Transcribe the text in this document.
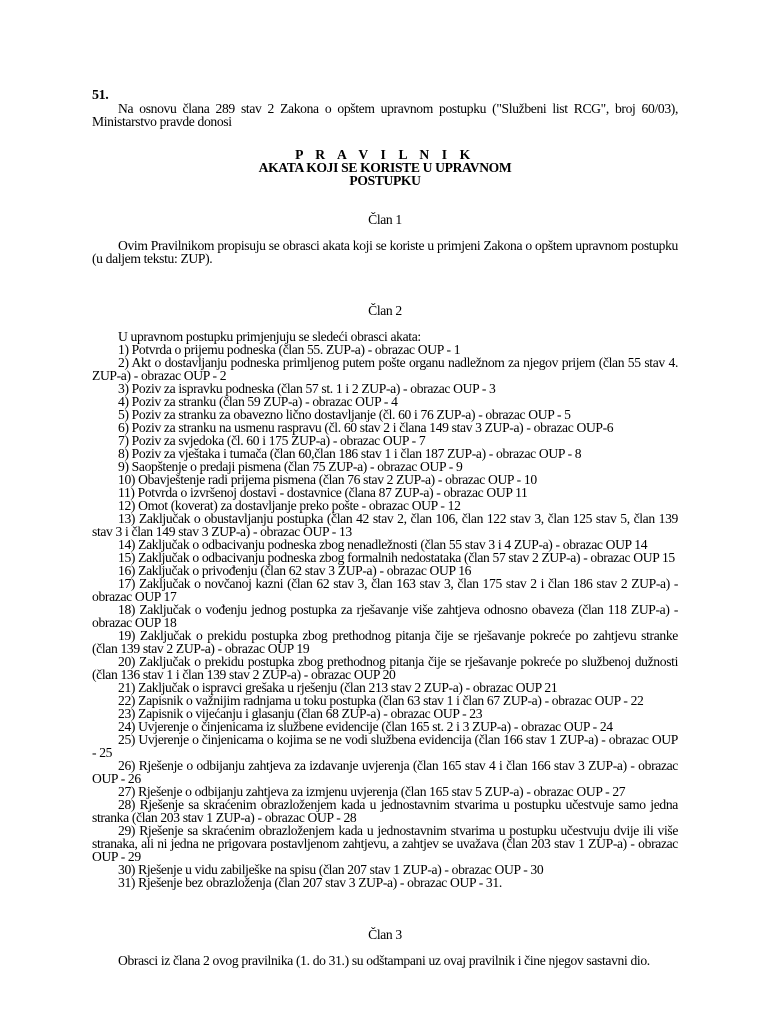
51.

Na osnovu člana 289 stav 2 Zakona o opštem upravnom postupku ("Službeni list RCG", broj 60/03), Ministarstvo pravde donosi

P R A V I L N I K

AKATA KOJI SE KORISTE U UPRAVNOM

POSTUPKU

Član 1

Ovim Pravilnikom propisuju se obrasci akata koji se koriste u primjeni Zakona o opštem upravnom postupku (u daljem tekstu: ZUP).

Član 2

U upravnom postupku primjenjuju se sledeći obrasci akata:

1) Potvrda o prijemu podneska (član 55. ZUP-a) - obrazac OUP - 1

2) Akt o dostavljanju podneska primljenog putem pošte organu nadležnom za njegov prijem (član 55 stav 4. ZUP-a) - obrazac OUP - 2

3) Poziv za ispravku podneska (član 57 st. 1 i 2 ZUP-a) - obrazac OUP - 3

4) Poziv za stranku (član 59 ZUP-a) - obrazac OUP - 4

5) Poziv za stranku za obavezno lično dostavljanje (čl. 60 i 76 ZUP-a) - obrazac OUP - 5

6) Poziv za stranku na usmenu raspravu (čl. 60 stav 2 i člana 149 stav 3 ZUP-a) - obrazac OUP-6

7) Poziv za svjedoka (čl. 60 i 175 ZUP-a) - obrazac OUP - 7

8) Poziv za vještaka i tumača (član 60,član 186 stav 1 i član 187 ZUP-a) - obrazac OUP - 8

9) Saopštenje o predaji pismena (član 75 ZUP-a) - obrazac OUP - 9

10) Obavještenje radi prijema pismena (član 76 stav 2 ZUP-a) - obrazac OUP - 10

11) Potvrda o izvršenoj dostavi - dostavnice (člana 87 ZUP-a) - obrazac OUP 11

12) Omot (koverat) za dostavljanje preko pošte - obrazac OUP - 12

13) Zaključak o obustavljanju postupka (član 42 stav 2, član 106, član 122 stav 3, član 125 stav 5, član 139 stav 3 i član 149 stav 3 ZUP-a) - obrazac OUP - 13

14) Zaključak o odbacivanju podneska zbog nenadležnosti (član 55 stav 3 i 4 ZUP-a) - obrazac OUP 14

15) Zaključak o odbacivanju podneska zbog formalnih nedostataka (član 57 stav 2 ZUP-a) - obrazac OUP 15

16) Zaključak o privođenju (član 62 stav 3 ZUP-a) - obrazac OUP 16

17) Zaključak o novčanoj kazni (član 62 stav 3, član 163 stav 3, član 175 stav 2 i član 186 stav 2 ZUP-a) - obrazac OUP 17

18) Zaključak o vođenju jednog postupka za rješavanje više zahtjeva odnosno obaveza (član 118 ZUP-a) - obrazac OUP 18

19) Zaključak o prekidu postupka zbog prethodnog pitanja čije se rješavanje pokreće po zahtjevu stranke (član 139 stav 2 ZUP-a) - obrazac OUP 19

20) Zaključak o prekidu postupka zbog prethodnog pitanja čije se rješavanje pokreće po službenoj dužnosti (član 136 stav 1 i član 139 stav 2 ZUP-a) - obrazac OUP 20

21) Zaključak o ispravci grešaka u rješenju (član 213 stav 2 ZUP-a) - obrazac OUP 21

22) Zapisnik o važnijim radnjama u toku postupka (član 63 stav 1 i član 67 ZUP-a) - obrazac OUP - 22

23) Zapisnik o vijećanju i glasanju (član 68 ZUP-a) - obrazac OUP - 23

24) Uvjerenje o činjenicama iz službene evidencije (član 165 st. 2 i 3 ZUP-a) - obrazac OUP - 24

25) Uvjerenje o činjenicama o kojima se ne vodi službena evidencija (član 166 stav 1 ZUP-a) - obrazac OUP - 25

26) Rješenje o odbijanju zahtjeva za izdavanje uvjerenja (član 165 stav 4 i član 166 stav 3 ZUP-a) - obrazac OUP - 26

27) Rješenje o odbijanju zahtjeva za izmjenu uvjerenja (član 165 stav 5 ZUP-a) - obrazac OUP - 27

28) Rješenje sa skraćenim obrazloženjem kada u jednostavnim stvarima u postupku učestvuje samo jedna stranka (član 203 stav 1 ZUP-a) - obrazac OUP - 28

29) Rješenje sa skraćenim obrazloženjem kada u jednostavnim stvarima u postupku učestvuju dvije ili više stranaka, ali ni jedna ne prigovara postavljenom zahtjevu, a zahtjev se uvažava (član 203 stav 1 ZUP-a) - obrazac OUP - 29

30) Rješenje u vidu zabilješke na spisu (član 207 stav 1 ZUP-a) - obrazac OUP - 30

31) Rješenje bez obrazloženja (član 207 stav 3 ZUP-a) - obrazac OUP - 31.

Član 3

Obrasci iz člana 2 ovog pravilnika (1. do 31.) su odštampani uz ovaj pravilnik i čine njegov sastavni dio.
